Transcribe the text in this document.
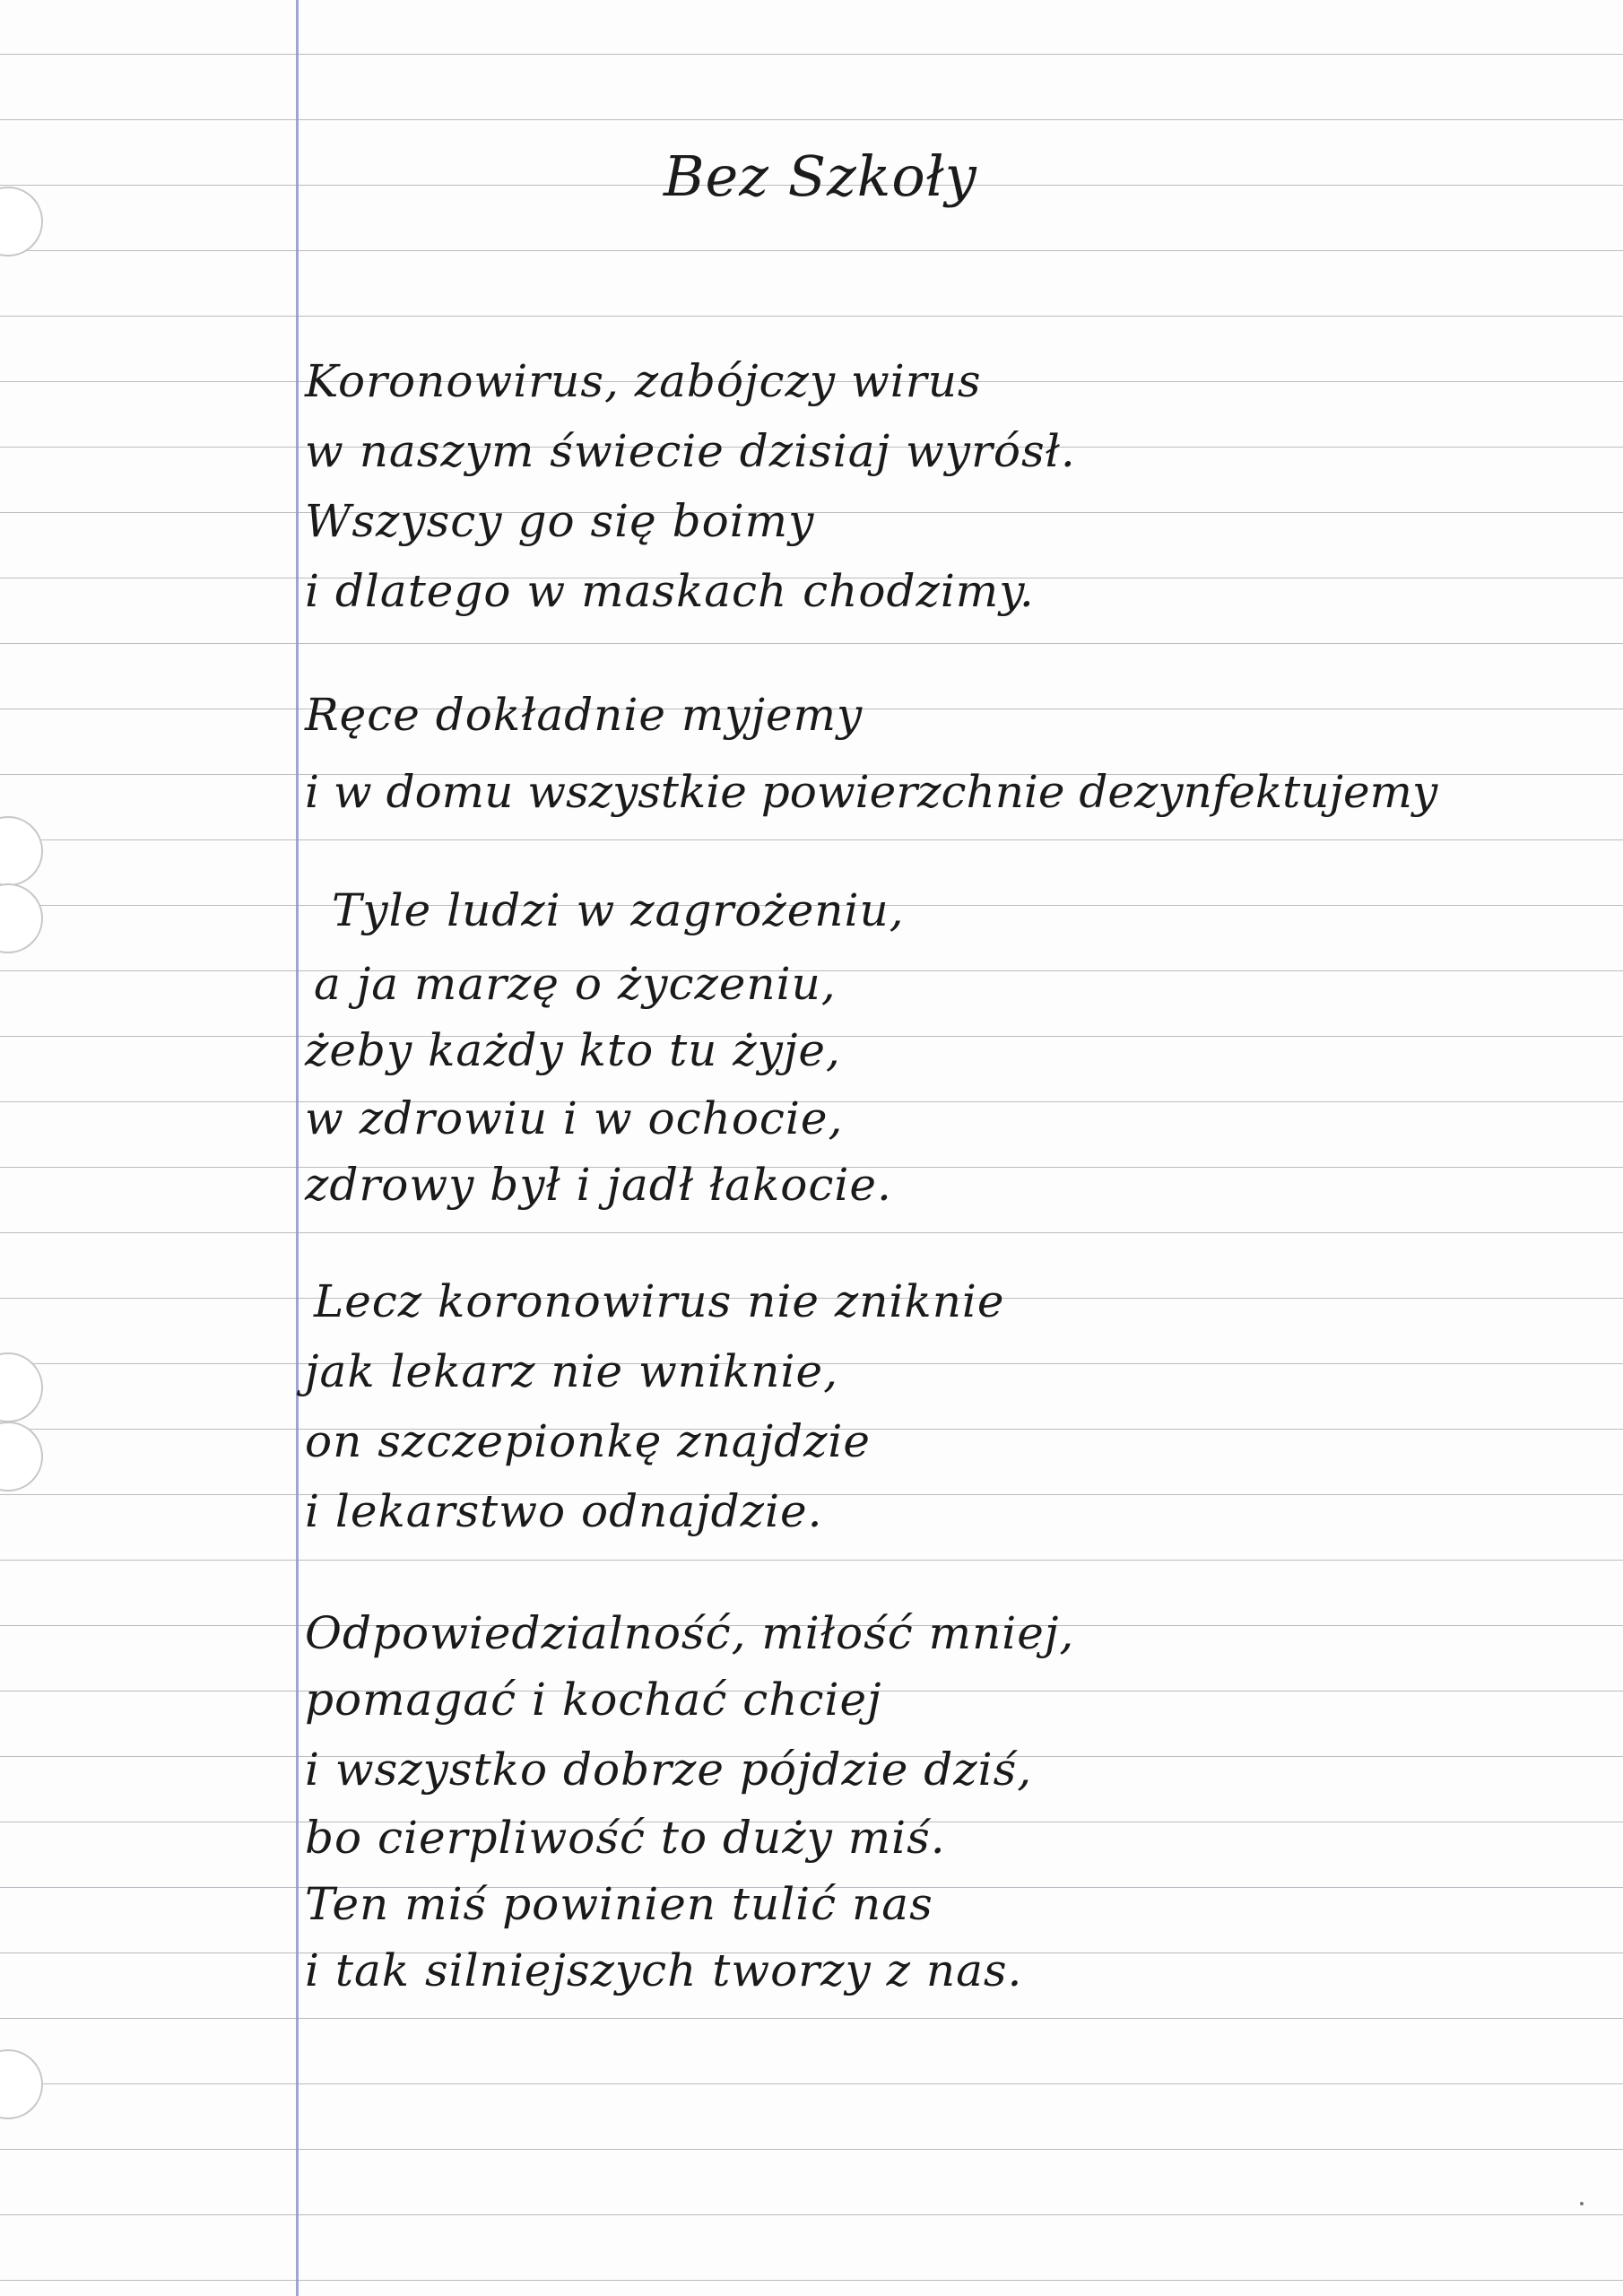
Bez Szkoły
Koronowirus, zabójczy wirus
w naszym świecie dzisiaj wyrósł.
Wszyscy go się boimy
i dlatego w maskach chodzimy.
Ręce dokładnie myjemy
i w domu wszystkie powierzchnie dezynfektujemy
Tyle ludzi w zagrożeniu,
a ja marzę o życzeniu,
żeby każdy kto tu żyje,
w zdrowiu i w ochocie,
zdrowy był i jadł łakocie.
Lecz koronowirus nie zniknie
jak lekarz nie wniknie,
on szczepionkę znajdzie
i lekarstwo odnajdzie.
Odpowiedzialność, miłość mniej,
pomagać i kochać chciej
i wszystko dobrze pójdzie dziś,
bo cierpliwość to duży miś.
Ten miś powinien tulić nas
i tak silniejszych tworzy z nas.
